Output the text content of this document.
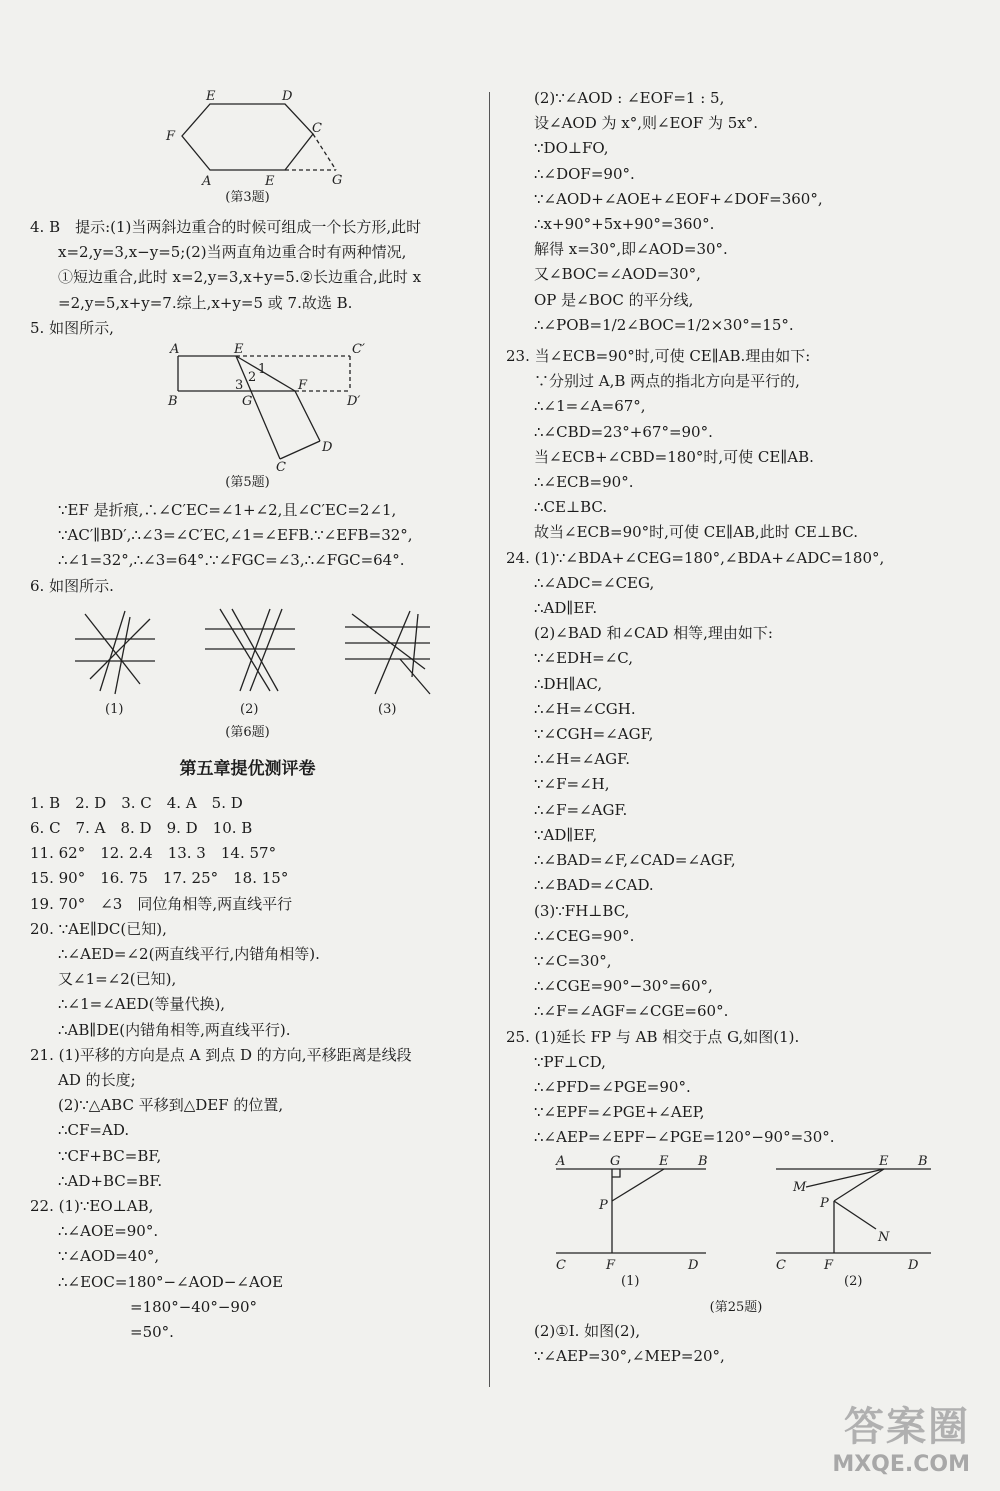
E	D
F
C
A	E	G
(第3题)
4. B　提示:(1)当两斜边重合的时候可组成一个长方形,此时
x=2,y=3,x−y=5;(2)当两直角边重合时有两种情况,
①短边重合,此时 x=2,y=3,x+y=5.②长边重合,此时 x
=2,y=5,x+y=7.综上,x+y=5 或 7.故选 B.
5. 如图所示,
A	E	C′
1
2
3
B	G
F
D′
D
C
(第5题)
∵EF 是折痕,∴∠C′EC=∠1+∠2,且∠C′EC=2∠1,
∵AC′∥BD′,∴∠3=∠C′EC,∠1=∠EFB.∵∠EFB=32°,
∴∠1=32°,∴∠3=64°.∵∠FGC=∠3,∴∠FGC=64°.
6. 如图所示.
(1)	(2)	(3)
(第6题)
第五章提优测评卷
1. B　2. D　3. C　4. A　5. D
6. C　7. A　8. D　9. D　10. B
11. 62°　12. 2.4　13. 3　14. 57°
15. 90°　16. 75　17. 25°　18. 15°
19. 70°　∠3　同位角相等,两直线平行
20. ∵AE∥DC(已知),
∴∠AED=∠2(两直线平行,内错角相等).
又∠1=∠2(已知),
∴∠1=∠AED(等量代换),
∴AB∥DE(内错角相等,两直线平行).
21. (1)平移的方向是点 A 到点 D 的方向,平移距离是线段
AD 的长度;
(2)∵△ABC 平移到△DEF 的位置,
∴CF=AD.
∵CF+BC=BF,
∴AD+BC=BF.
22. (1)∵EO⊥AB,
∴∠AOE=90°.
∵∠AOD=40°,
∴∠EOC=180°−∠AOD−∠AOE
=180°−40°−90°
=50°.
(2)∵∠AOD : ∠EOF=1 : 5,
设∠AOD 为 x°,则∠EOF 为 5x°.
∵DO⊥FO,
∴∠DOF=90°.
∵∠AOD+∠AOE+∠EOF+∠DOF=360°,
∴x+90°+5x+90°=360°.
解得 x=30°,即∠AOD=30°.
又∠BOC=∠AOD=30°,
OP 是∠BOC 的平分线,
∴∠POB=1/2∠BOC=1/2×30°=15°.
23. 当∠ECB=90°时,可使 CE∥AB.理由如下:
∵分别过 A,B 两点的指北方向是平行的,
∴∠1=∠A=67°,
∴∠CBD=23°+67°=90°.
当∠ECB+∠CBD=180°时,可使 CE∥AB.
∴∠ECB=90°.
∴CE⊥BC.
故当∠ECB=90°时,可使 CE∥AB,此时 CE⊥BC.
24. (1)∵∠BDA+∠CEG=180°,∠BDA+∠ADC=180°,
∴∠ADC=∠CEG,
∴AD∥EF.
(2)∠BAD 和∠CAD 相等,理由如下:
∵∠EDH=∠C,
∴DH∥AC,
∴∠H=∠CGH.
∵∠CGH=∠AGF,
∴∠H=∠AGF.
∵∠F=∠H,
∴∠F=∠AGF.
∵AD∥EF,
∴∠BAD=∠F,∠CAD=∠AGF,
∴∠BAD=∠CAD.
(3)∵FH⊥BC,
∴∠CEG=90°.
∵∠C=30°,
∴∠CGE=90°−30°=60°,
∴∠F=∠AGF=∠CGE=60°.
25. (1)延长 FP 与 AB 相交于点 G,如图(1).
∵PF⊥CD,
∴∠PFD=∠PGE=90°.
∵∠EPF=∠PGE+∠AEP,
∴∠AEP=∠EPF−∠PGE=120°−90°=30°.
A	G	E B
P
C	F	D
(1)
M
E B
P
N
C	F	D
(2)
(第25题)
(2)①Ⅰ. 如图(2),
∵∠AEP=30°,∠MEP=20°,
答案圈
MXQE.COM
